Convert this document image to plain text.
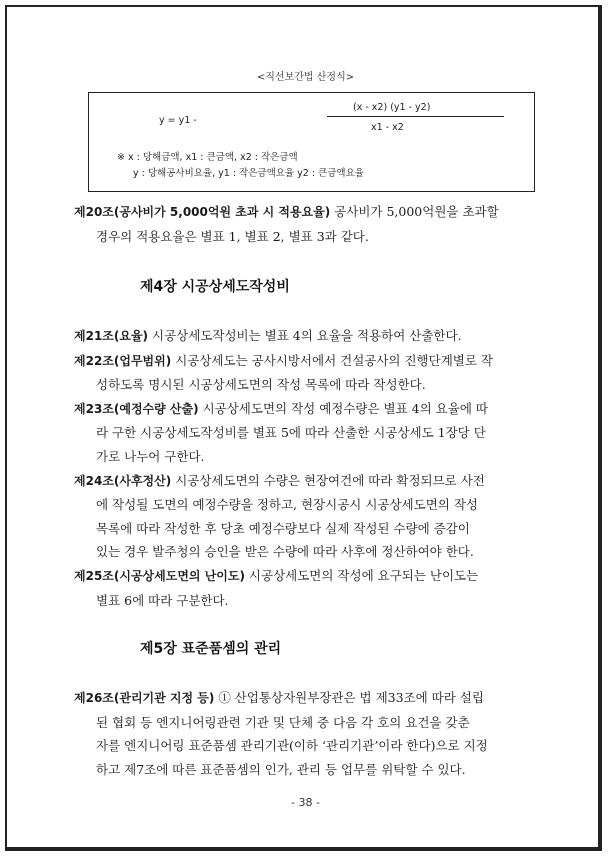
<직선보간법 산정식>
y = y1 -
(x - x2) (y1 - y2)
x1 - x2
※ x : 당해금액, x1 : 큰금액, x2 : 작은금액
y : 당해공사비요율, y1 : 작은금액요율 y2 : 큰금액요율
제20조(공사비가 5,000억원 초과 시 적용요율) 공사비가 5,000억원을 초과할
경우의 적용요율은 별표 1, 별표 2, 별표 3과 같다.
제4장 시공상세도작성비
제21조(요율) 시공상세도작성비는 별표 4의 요율을 적용하여 산출한다.
제22조(업무범위) 시공상세도는 공사시방서에서 건설공사의 진행단계별로 작
성하도록 명시된 시공상세도면의 작성 목록에 따라 작성한다.
제23조(예정수량 산출) 시공상세도면의 작성 예정수량은 별표 4의 요율에 따
라 구한 시공상세도작성비를 별표 5에 따라 산출한 시공상세도 1장당 단
가로 나누어 구한다.
제24조(사후정산) 시공상세도면의 수량은 현장여건에 따라 확정되므로 사전
에 작성될 도면의 예정수량을 정하고, 현장시공시 시공상세도면의 작성
목록에 따라 작성한 후 당초 예정수량보다 실제 작성된 수량에 증감이
있는 경우 발주청의 승인을 받은 수량에 따라 사후에 정산하여야 한다.
제25조(시공상세도면의 난이도) 시공상세도면의 작성에 요구되는 난이도는
별표 6에 따라 구분한다.
제5장 표준품셈의 관리
제26조(관리기관 지정 등) ① 산업통상자원부장관은 법 제33조에 따라 설립
된 협회 등 엔지니어링관련 기관 및 단체 중 다음 각 호의 요건을 갖춘
자를 엔지니어링 표준품셈 관리기관(이하 ‘관리기관’이라 한다)으로 지정
하고 제7조에 따른 표준품셈의 인가, 관리 등 업무를 위탁할 수 있다.
- 38 -
